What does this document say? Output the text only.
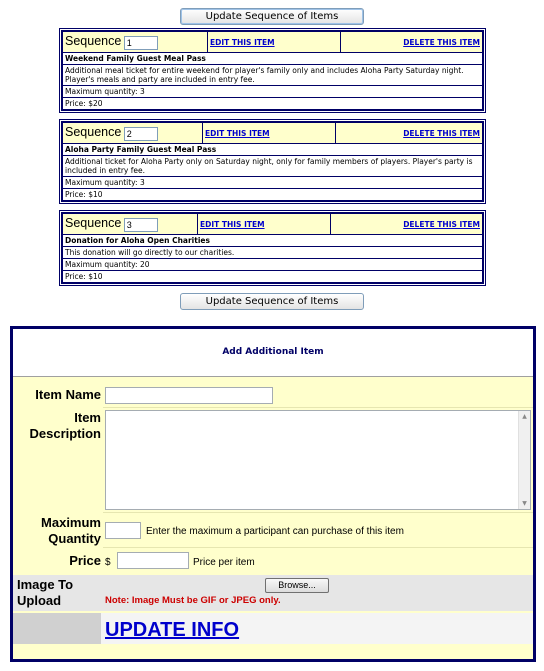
Update Sequence of Items
Sequence 1	EDIT THIS ITEM	DELETE THIS ITEM
Weekend Family Guest Meal Pass
Additional meal ticket for entire weekend for player's family only and includes Aloha Party Saturday night. Player's meals and party are included in entry fee.
Maximum quantity: 3
Price: $20
Sequence 2	EDIT THIS ITEM	DELETE THIS ITEM
Aloha Party Family Guest Meal Pass
Additional ticket for Aloha Party only on Saturday night, only for family members of players. Player's party is included in entry fee.
Maximum quantity: 3
Price: $10
Sequence 3	EDIT THIS ITEM	DELETE THIS ITEM
Donation for Aloha Open Charities
This donation will go directly to our charities.
Maximum quantity: 20
Price: $10
Update Sequence of Items
Add Additional Item
Item Name
Item Description
▲
▼
Maximum Quantity	Enter the maximum a participant can purchase of this item
Price $	Price per item
Image To Upload
Browse...
Note: Image Must be GIF or JPEG only.
UPDATE INFO
